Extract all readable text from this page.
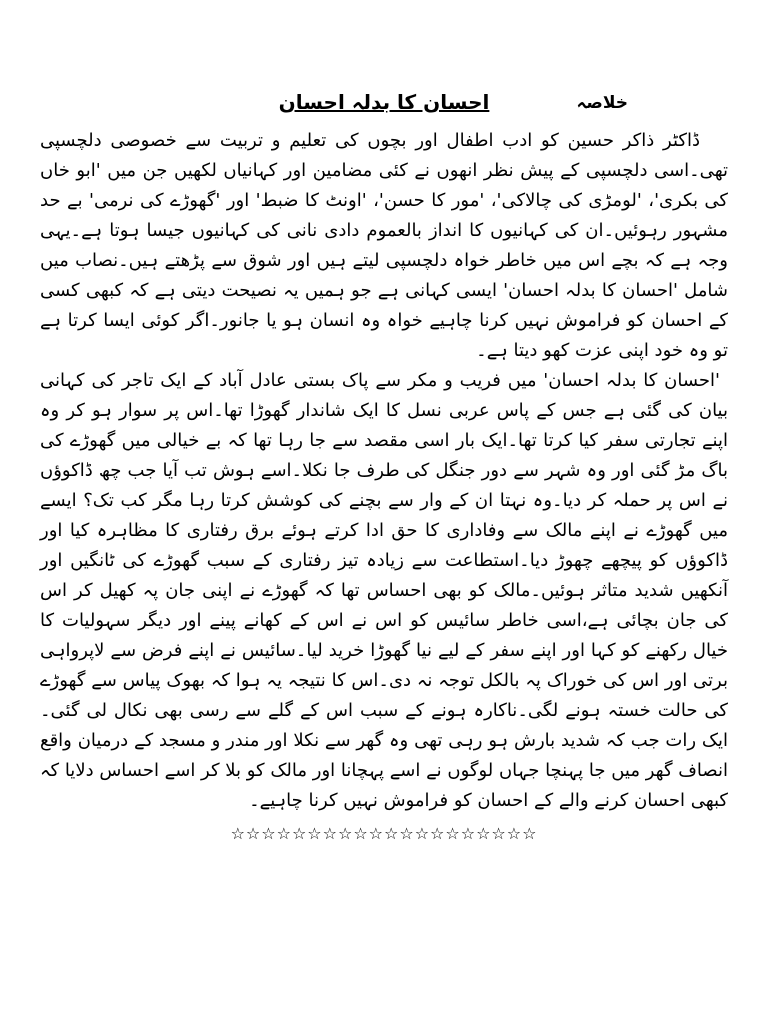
خلاصہ
احسان کا بدلہ احسان

ڈاکٹر ذاکر حسین کو ادب اطفال اور بچوں کی تعلیم و تربیت سے خصوصی دلچسپی تھی۔اسی دلچسپی کے پیش نظر انھوں نے کئی مضامین اور کہانیاں لکھیں جن میں 'ابو خاں کی بکری'، 'لومڑی کی چالاکی'، 'مور کا حسن'، 'اونٹ کا ضبط' اور 'گھوڑے کی نرمی' بے حد مشہور رہوئیں۔ان کی کہانیوں کا انداز بالعموم دادی نانی کی کہانیوں جیسا ہوتا ہے۔یہی وجہ ہے کہ بچے اس میں خاطر خواہ دلچسپی لیتے ہیں اور شوق سے پڑھتے ہیں۔نصاب میں شامل 'احسان کا بدلہ احسان' ایسی کہانی ہے جو ہمیں یہ نصیحت دیتی ہے کہ کبھی کسی کے احسان کو فراموش نہیں کرنا چاہیے خواہ وہ انسان ہو یا جانور۔اگر کوئی ایسا کرتا ہے تو وہ خود اپنی عزت کھو دیتا ہے۔

'احسان کا بدلہ احسان' میں فریب و مکر سے پاک بستی عادل آباد کے ایک تاجر کی کہانی بیان کی گئی ہے جس کے پاس عربی نسل کا ایک شاندار گھوڑا تھا۔اس پر سوار ہو کر وہ اپنے تجارتی سفر کیا کرتا تھا۔ایک بار اسی مقصد سے جا رہا تھا کہ بے خیالی میں گھوڑے کی باگ مڑ گئی اور وہ شہر سے دور جنگل کی طرف جا نکلا۔اسے ہوش تب آیا جب چھ ڈاکوؤں نے اس پر حملہ کر دیا۔وہ نہتا ان کے وار سے بچنے کی کوشش کرتا رہا مگر کب تک؟ ایسے میں گھوڑے نے اپنے مالک سے وفاداری کا حق ادا کرتے ہوئے برق رفتاری کا مظاہرہ کیا اور ڈاکوؤں کو پیچھے چھوڑ دیا۔استطاعت سے زیادہ تیز رفتاری کے سبب گھوڑے کی ٹانگیں اور آنکھیں شدید متاثر ہوئیں۔مالک کو بھی احساس تھا کہ گھوڑے نے اپنی جان پہ کھیل کر اس کی جان بچائی ہے،اسی خاطر سائیس کو اس نے اس کے کھانے پینے اور دیگر سہولیات کا خیال رکھنے کو کہا اور اپنے سفر کے لیے نیا گھوڑا خرید لیا۔سائیس نے اپنے فرض سے لاپرواہی برتی اور اس کی خوراک پہ بالکل توجہ نہ دی۔اس کا نتیجہ یہ ہوا کہ بھوک پیاس سے گھوڑے کی حالت خستہ ہونے لگی۔ناکارہ ہونے کے سبب اس کے گلے سے رسی بھی نکال لی گئی۔ایک رات جب کہ شدید بارش ہو رہی تھی وہ گھر سے نکلا اور مندر و مسجد کے درمیان واقع انصاف گھر میں جا پہنچا جہاں لوگوں نے اسے پہچانا اور مالک کو بلا کر اسے احساس دلایا کہ کبھی احسان کرنے والے کے احسان کو فراموش نہیں کرنا چاہیے۔

☆☆☆☆☆☆☆☆☆☆☆☆☆☆☆☆☆☆☆☆
